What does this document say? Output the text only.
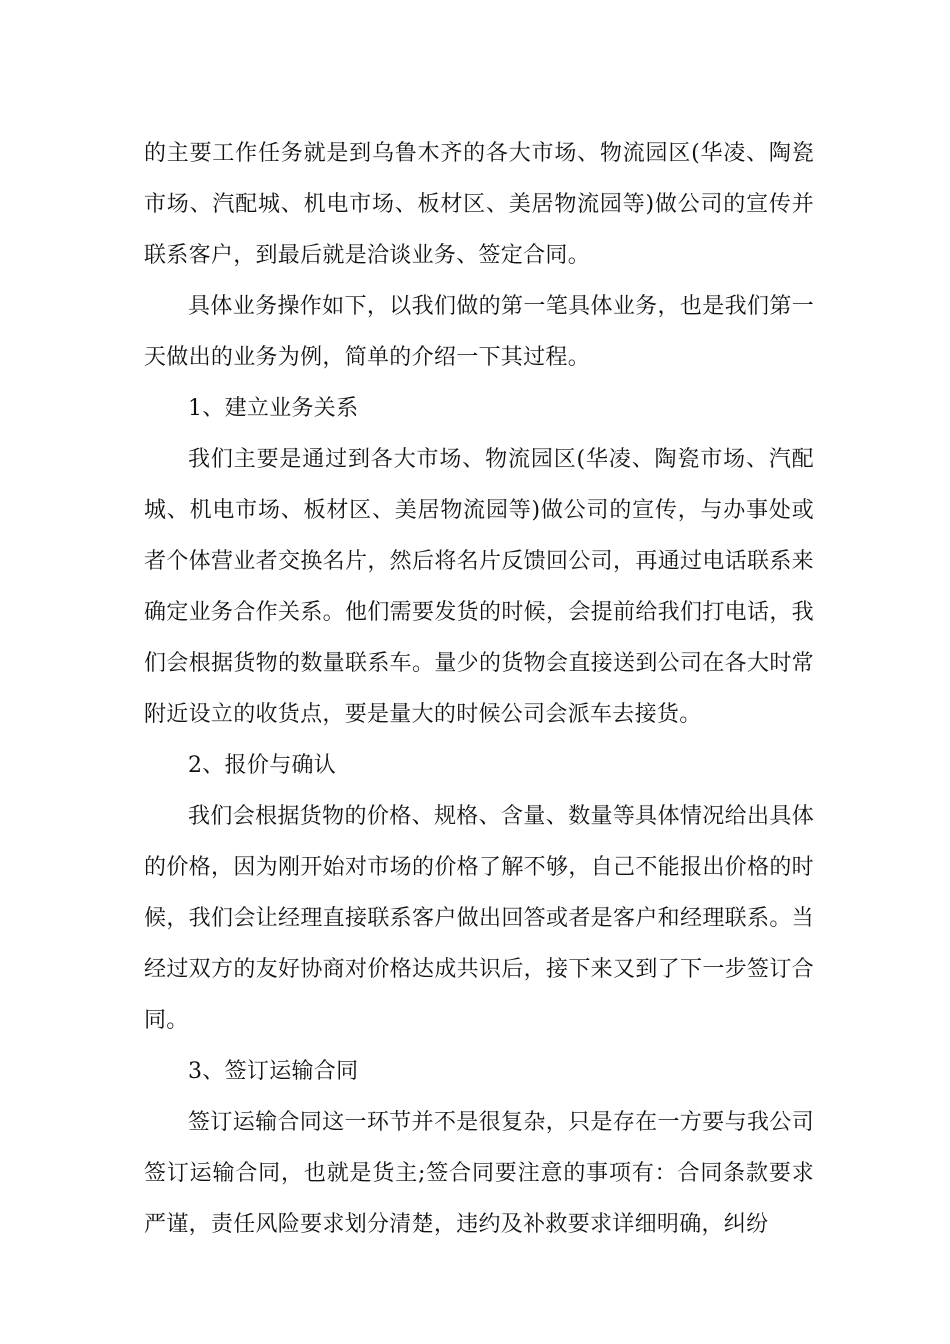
的主要工作任务就是到乌鲁木齐的各大市场、物流园区(华凌、陶瓷市场、汽配城、机电市场、板材区、美居物流园等)做公司的宣传并联系客户，到最后就是洽谈业务、签定合同。

具体业务操作如下，以我们做的第一笔具体业务，也是我们第一天做出的业务为例，简单的介绍一下其过程。

1、建立业务关系

我们主要是通过到各大市场、物流园区(华凌、陶瓷市场、汽配城、机电市场、板材区、美居物流园等)做公司的宣传，与办事处或者个体营业者交换名片，然后将名片反馈回公司，再通过电话联系来确定业务合作关系。他们需要发货的时候，会提前给我们打电话，我们会根据货物的数量联系车。量少的货物会直接送到公司在各大时常附近设立的收货点，要是量大的时候公司会派车去接货。

2、报价与确认

我们会根据货物的价格、规格、含量、数量等具体情况给出具体的价格，因为刚开始对市场的价格了解不够，自己不能报出价格的时候，我们会让经理直接联系客户做出回答或者是客户和经理联系。当经过双方的友好协商对价格达成共识后，接下来又到了下一步签订合同。

3、签订运输合同

签订运输合同这一环节并不是很复杂，只是存在一方要与我公司签订运输合同，也就是货主;签合同要注意的事项有：合同条款要求严谨，责任风险要求划分清楚，违约及补救要求详细明确，纠纷
